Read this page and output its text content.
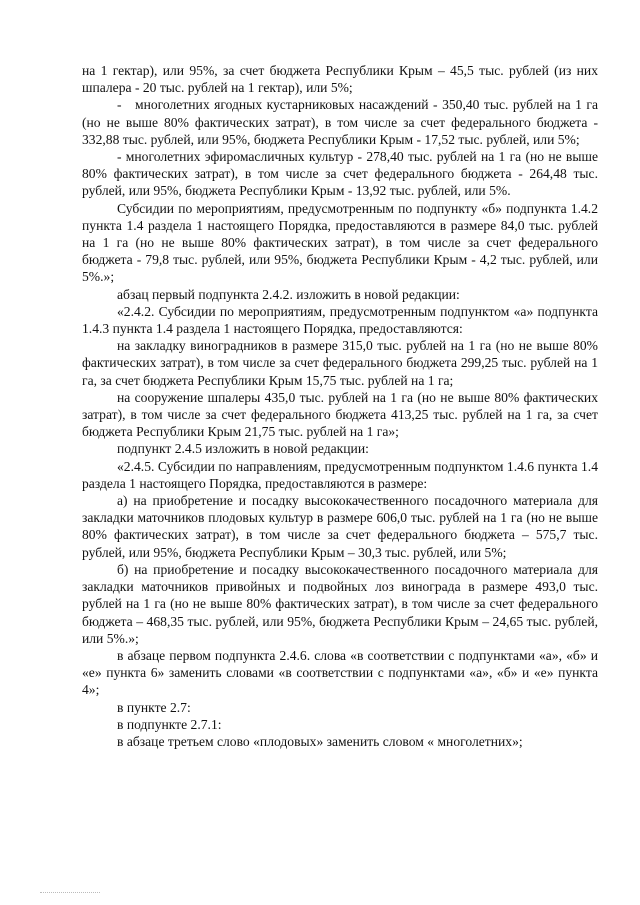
на 1 гектар), или 95%, за счет бюджета Республики Крым – 45,5 тыс. рублей (из них шпалера - 20 тыс. рублей на 1 гектар), или 5%;

-   многолетних ягодных кустарниковых насаждений - 350,40 тыс. рублей на 1 га (но не выше 80% фактических затрат), в том числе за счет федерального бюджета - 332,88 тыс. рублей, или 95%, бюджета Республики Крым - 17,52 тыс. рублей, или 5%;

- многолетних эфиромасличных культур - 278,40 тыс. рублей на 1 га (но не выше 80% фактических затрат), в том числе за счет федерального бюджета - 264,48 тыс. рублей, или 95%, бюджета Республики Крым - 13,92 тыс. рублей, или 5%.

Субсидии по мероприятиям, предусмотренным по подпункту «б» подпункта 1.4.2 пункта 1.4 раздела 1 настоящего Порядка, предоставляются в размере 84,0 тыс. рублей на 1 га (но не выше 80% фактических затрат), в том числе за счет федерального бюджета - 79,8 тыс. рублей, или 95%, бюджета Республики Крым - 4,2 тыс. рублей, или 5%.»;

абзац первый подпункта 2.4.2. изложить в новой редакции:

«2.4.2. Субсидии по мероприятиям, предусмотренным подпунктом «а» подпункта 1.4.3 пункта 1.4 раздела 1 настоящего Порядка, предоставляются:

на закладку виноградников в размере 315,0 тыс. рублей на 1 га (но не выше 80% фактических затрат), в том числе за счет федерального бюджета 299,25 тыс. рублей на 1 га, за счет бюджета Республики Крым 15,75 тыс. рублей на 1 га;

на сооружение шпалеры 435,0 тыс. рублей на 1 га (но не выше 80% фактических затрат), в том числе за счет федерального бюджета 413,25 тыс. рублей на 1 га, за счет бюджета Республики Крым 21,75 тыс. рублей на 1 га»;

подпункт 2.4.5 изложить в новой редакции:

«2.4.5. Субсидии по направлениям, предусмотренным подпунктом 1.4.6 пункта 1.4 раздела 1 настоящего Порядка, предоставляются в размере:

а) на приобретение и посадку высококачественного посадочного материала для закладки маточников плодовых культур в размере 606,0 тыс. рублей на 1 га (но не выше 80% фактических затрат), в том числе за счет федерального бюджета – 575,7 тыс. рублей, или 95%, бюджета Республики Крым – 30,3 тыс. рублей, или 5%;

б) на приобретение и посадку высококачественного посадочного материала для закладки маточников привойных и подвойных лоз винограда в размере 493,0 тыс. рублей на 1 га (но не выше 80% фактических затрат), в том числе за счет федерального бюджета – 468,35 тыс. рублей, или 95%, бюджета Республики Крым – 24,65 тыс. рублей, или 5%.»;

в абзаце первом подпункта 2.4.6. слова «в соответствии с подпунктами «а», «б» и «е» пункта 6» заменить словами «в соответствии с подпунктами «а», «б» и «е» пункта 4»;

в пункте 2.7:

в подпункте 2.7.1:

в абзаце третьем слово «плодовых» заменить словом « многолетних»;
